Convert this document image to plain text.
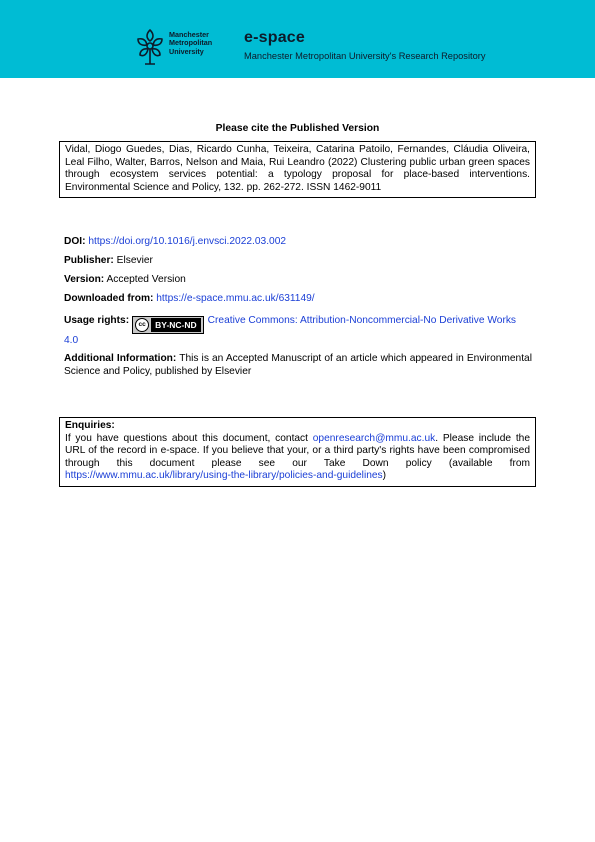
Manchester
Metropolitan
University
e-space
Manchester Metropolitan University's Research Repository
Please cite the Published Version
Vidal, Diogo Guedes, Dias, Ricardo Cunha, Teixeira, Catarina Patoilo, Fernandes, Cláudia Oliveira, Leal Filho, Walter, Barros, Nelson and Maia, Rui Leandro (2022) Clustering public urban green spaces through ecosystem services potential: a typology proposal for place-based interventions. Environmental Science and Policy, 132. pp. 262-272. ISSN 1462-9011
DOI: https://doi.org/10.1016/j.envsci.2022.03.002
Publisher: Elsevier
Version: Accepted Version
Downloaded from: https://e-space.mmu.ac.uk/631149/
Usage rights: cc BY-NC-ND Creative Commons: Attribution-Noncommercial-No Derivative Works 4.0
Additional Information: This is an Accepted Manuscript of an article which appeared in Environmental Science and Policy, published by Elsevier
Enquiries:
If you have questions about this document, contact openresearch@mmu.ac.uk. Please include the URL of the record in e-space. If you believe that your, or a third party's rights have been compromised through this document please see our Take Down policy (available from https://www.mmu.ac.uk/library/using-the-library/policies-and-guidelines)
